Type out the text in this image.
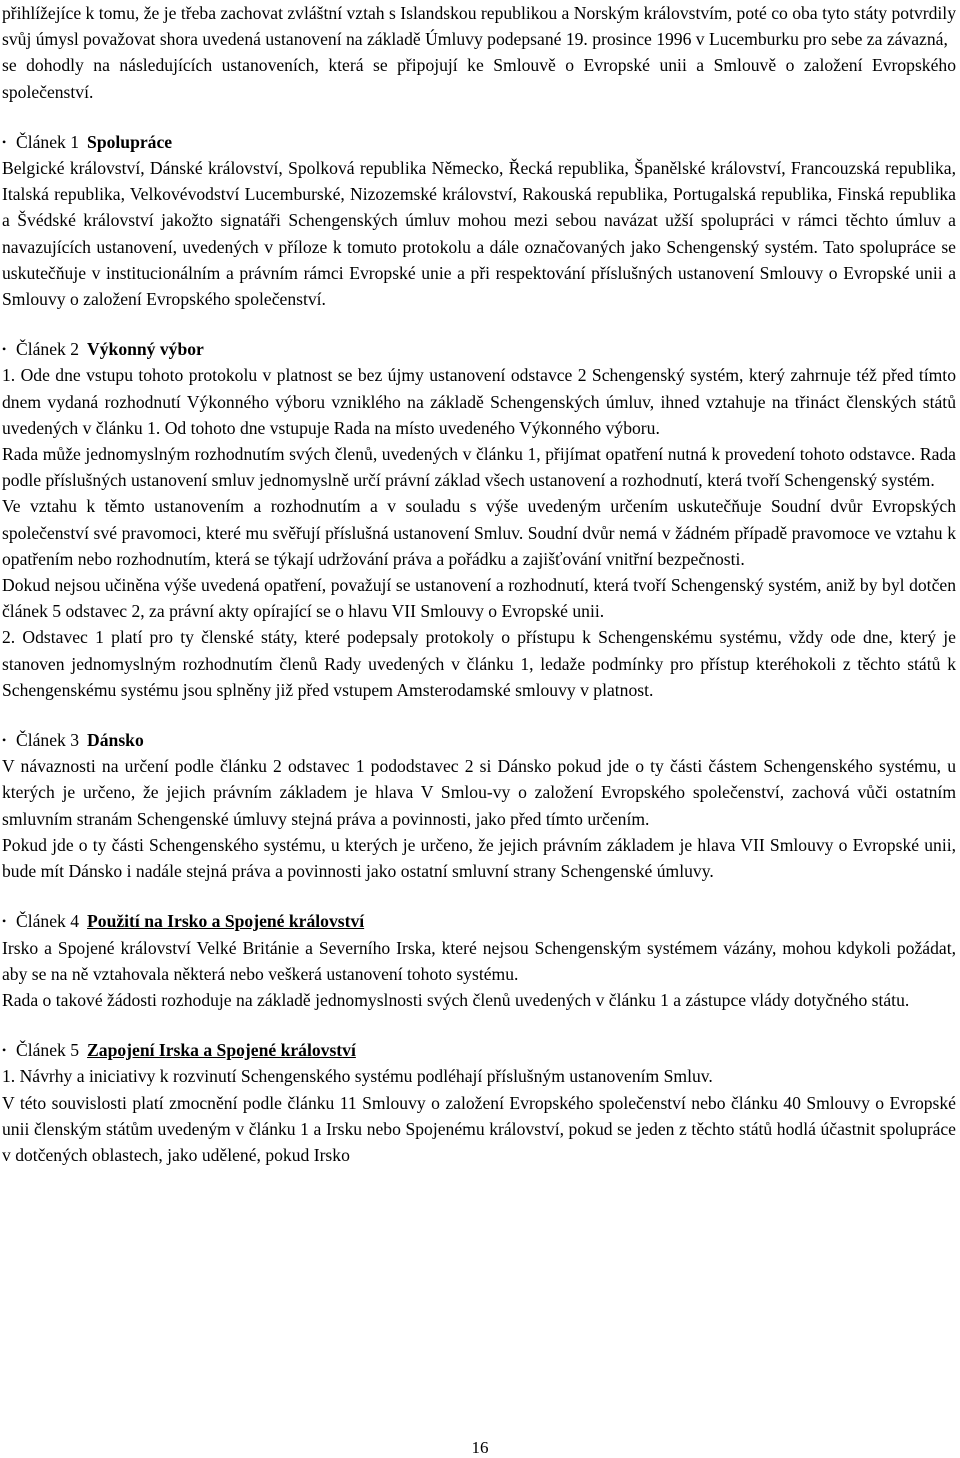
přihlížejíce k tomu, že je třeba zachovat zvláštní vztah s Islandskou republikou a Norským královstvím, poté co oba tyto státy potvrdily svůj úmysl považovat shora uvedená ustanovení na základě Úmluvy podepsané 19. prosince 1996 v Lucemburku pro sebe za závazná,

se dohodly na následujících ustanoveních, která se připojují ke Smlouvě o Evropské unii a Smlouvě o založení Evropského společenství.

• Článek 1 Spolupráce

Belgické království, Dánské království, Spolková republika Německo, Řecká republika, Španělské království, Francouzská republika, Italská republika, Velkovévodství Lucemburské, Nizozemské království, Rakouská republika, Portugalská republika, Finská republika a Švédské království jakožto signatáři Schengenských úmluv mohou mezi sebou navázat užší spolupráci v rámci těchto úmluv a navazujících ustanovení, uvedených v příloze k tomuto protokolu a dále označovaných jako Schengenský systém. Tato spolupráce se uskutečňuje v institucionálním a právním rámci Evropské unie a při respektování příslušných ustanovení Smlouvy o Evropské unii a Smlouvy o založení Evropského společenství.

• Článek 2 Výkonný výbor

1. Ode dne vstupu tohoto protokolu v platnost se bez újmy ustanovení odstavce 2 Schengenský systém, který zahrnuje též před tímto dnem vydaná rozhodnutí Výkonného výboru vzniklého na základě Schengenských úmluv, ihned vztahuje na třináct členských států uvedených v článku 1. Od tohoto dne vstupuje Rada na místo uvedeného Výkonného výboru.

Rada může jednomyslným rozhodnutím svých členů, uvedených v článku 1, přijímat opatření nutná k provedení tohoto odstavce. Rada podle příslušných ustanovení smluv jednomyslně určí právní základ všech ustanovení a rozhodnutí, která tvoří Schengenský systém.

Ve vztahu k těmto ustanovením a rozhodnutím a v souladu s výše uvedeným určením uskutečňuje Soudní dvůr Evropských společenství své pravomoci, které mu svěřují příslušná ustanovení Smluv. Soudní dvůr nemá v žádném případě pravomoce ve vztahu k opatřením nebo rozhodnutím, která se týkají udržování práva a pořádku a zajišťování vnitřní bezpečnosti.

Dokud nejsou učiněna výše uvedená opatření, považují se ustanovení a rozhodnutí, která tvoří Schengenský systém, aniž by byl dotčen článek 5 odstavec 2, za právní akty opírající se o hlavu VII Smlouvy o Evropské unii.

2. Odstavec 1 platí pro ty členské státy, které podepsaly protokoly o přístupu k Schengenskému systému, vždy ode dne, který je stanoven jednomyslným rozhodnutím členů Rady uvedených v článku 1, ledaže podmínky pro přístup kteréhokoli z těchto států k Schengenskému systému jsou splněny již před vstupem Amsterodamské smlouvy v platnost.

• Článek 3 Dánsko

V návaznosti na určení podle článku 2 odstavec 1 pododstavec 2 si Dánsko pokud jde o ty části částem Schengenského systému, u kterých je určeno, že jejich právním základem je hlava V Smlou-vy o založení Evropského společenství, zachová vůči ostatním smluvním stranám Schengenské úmluvy stejná práva a povinnosti, jako před tímto určením.

Pokud jde o ty části Schengenského systému, u kterých je určeno, že jejich právním základem je hlava VII Smlouvy o Evropské unii, bude mít Dánsko i nadále stejná práva a povinnosti jako ostatní smluvní strany Schengenské úmluvy.

• Článek 4 Použití na Irsko a Spojené království

Irsko a Spojené království Velké Británie a Severního Irska, které nejsou Schengenským systémem vázány, mohou kdykoli požádat, aby se na ně vztahovala některá nebo veškerá ustanovení tohoto systému.

Rada o takové žádosti rozhoduje na základě jednomyslnosti svých členů uvedených v článku 1 a zástupce vlády dotyčného státu.

• Článek 5 Zapojení Irska a Spojené království

1. Návrhy a iniciativy k rozvinutí Schengenského systému podléhají příslušným ustanovením Smluv.

V této souvislosti platí zmocnění podle článku 11 Smlouvy o založení Evropského společenství nebo článku 40 Smlouvy o Evropské unii členským státům uvedeným v článku 1 a Irsku nebo Spojenému království, pokud se jeden z těchto států hodlá účastnit spolupráce v dotčených oblastech, jako udělené, pokud Irsko

16
